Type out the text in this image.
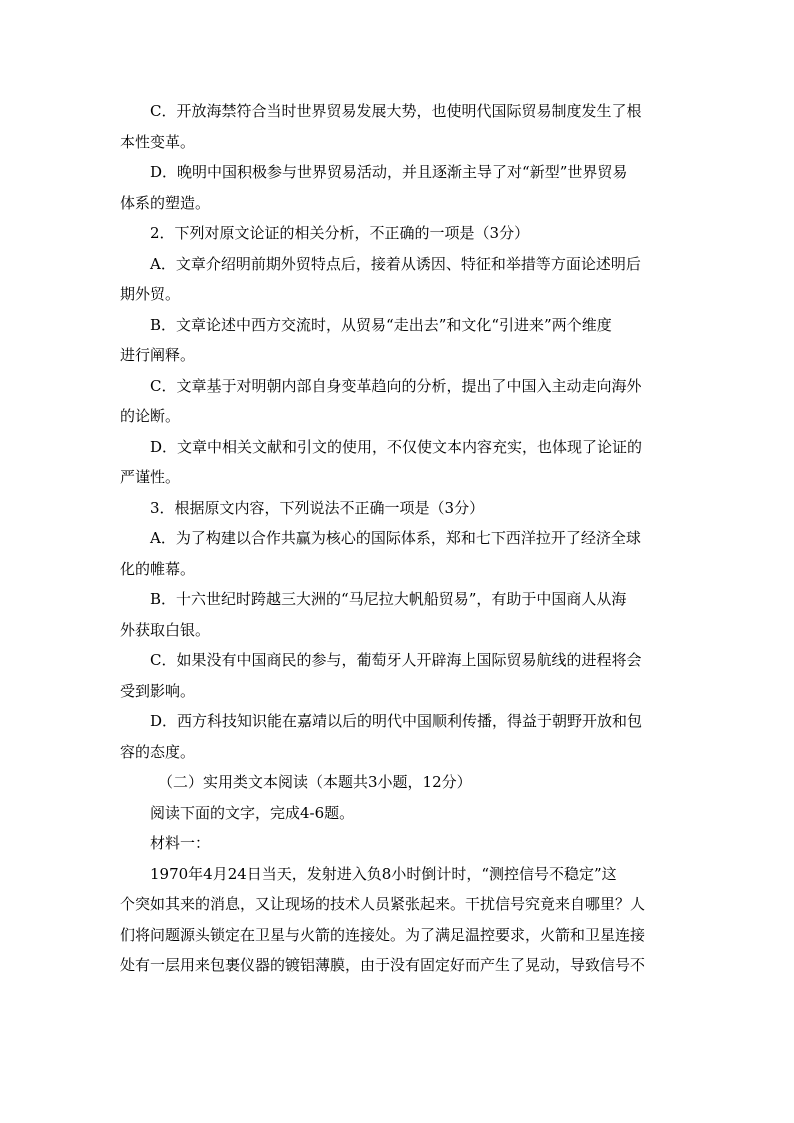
C．开放海禁符合当时世界贸易发展大势，也使明代国际贸易制度发生了根
本性变革。
D．晚明中国积极参与世界贸易活动，并且逐渐主导了对“新型”世界贸易
体系的塑造。
2．下列对原文论证的相关分析，不正确的一项是（3分）
A．文章介绍明前期外贸特点后，接着从诱因、特征和举措等方面论述明后
期外贸。
B．文章论述中西方交流时，从贸易“走出去”和文化“引进来”两个维度
进行阐释。
C．文章基于对明朝内部自身变革趋向的分析，提出了中国入主动走向海外
的论断。
D．文章中相关文献和引文的使用，不仅使文本内容充实，也体现了论证的
严谨性。
3．根据原文内容，下列说法不正确一项是（3分）
A．为了构建以合作共赢为核心的国际体系，郑和七下西洋拉开了经济全球
化的帷幕。
B．十六世纪时跨越三大洲的“马尼拉大帆船贸易”，有助于中国商人从海
外获取白银。
C．如果没有中国商民的参与，葡萄牙人开辟海上国际贸易航线的进程将会
受到影响。
D．西方科技知识能在嘉靖以后的明代中国顺利传播，得益于朝野开放和包
容的态度。
（二）实用类文本阅读（本题共3小题，12分）
阅读下面的文字，完成4-6题。
材料一：
1970年4月24日当天，发射进入负8小时倒计时，“测控信号不稳定”这
个突如其来的消息，又让现场的技术人员紧张起来。干扰信号究竟来自哪里？人
们将问题源头锁定在卫星与火箭的连接处。为了满足温控要求，火箭和卫星连接
处有一层用来包裹仪器的镀铝薄膜，由于没有固定好而产生了晃动，导致信号不
